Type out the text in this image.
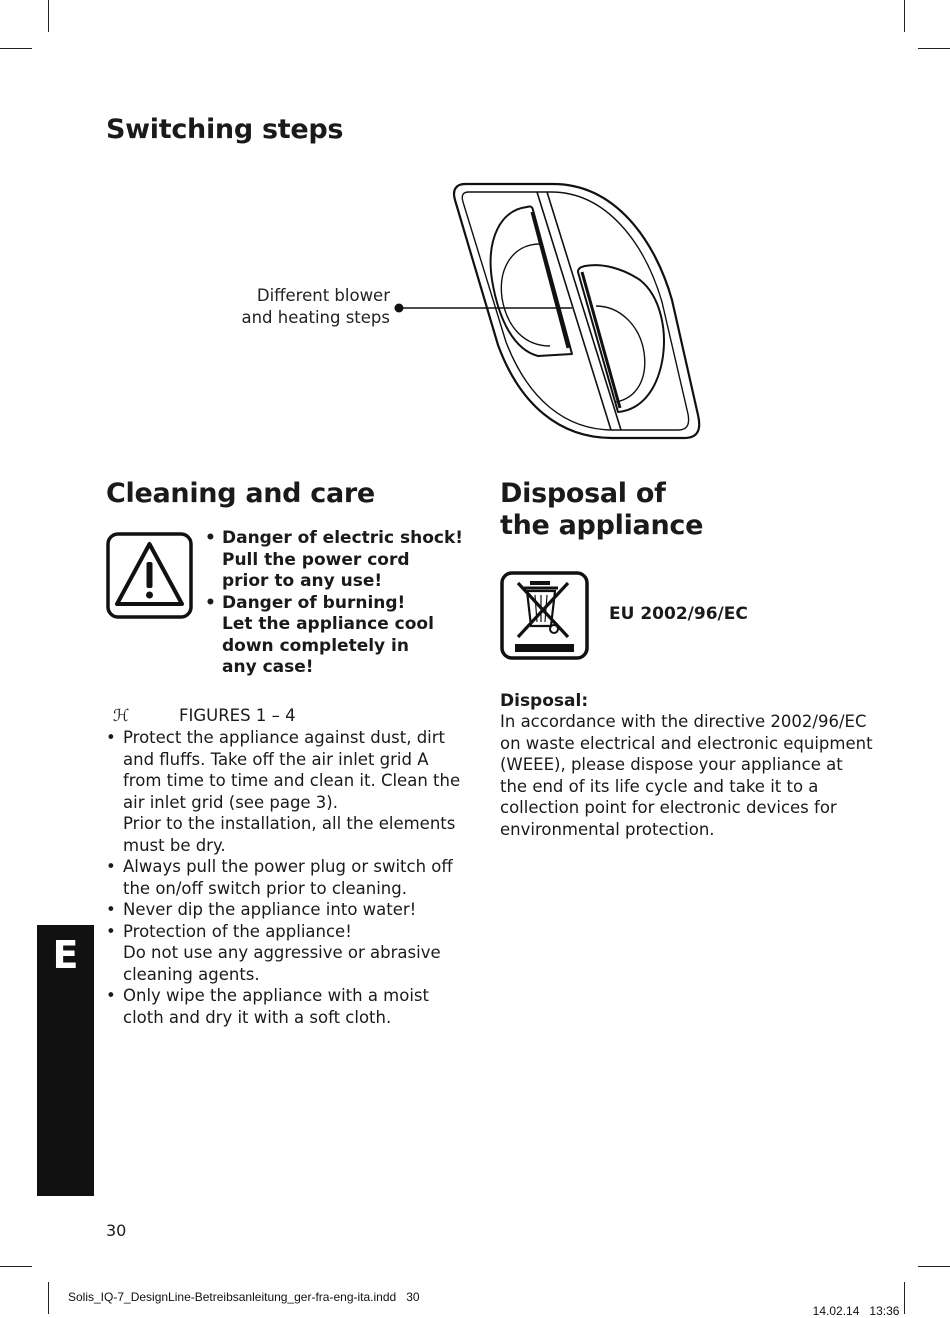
Switching steps
Different blower
and heating steps
Cleaning and care
• Danger of electric shock!
Pull the power cord
prior to any use!
• Danger of burning!
Let the appliance cool
down completely in
any case!
ℋ	FIGURES 1 – 4
• Protect the appliance against dust, dirt
and fluffs. Take off the air inlet grid A
from time to time and clean it. Clean the
air inlet grid (see page 3).
Prior to the installation, all the elements
must be dry.
• Always pull the power plug or switch off
the on/off switch prior to cleaning.
• Never dip the appliance into water!
• Protection of the appliance!
Do not use any aggressive or abrasive
cleaning agents.
• Only wipe the appliance with a moist
cloth and dry it with a soft cloth.
Disposal of
the appliance
EU 2002/96/EC
Disposal:
In accordance with the directive 2002/96/EC
on waste electrical and electronic equipment
(WEEE), please dispose your appliance at
the end of its life cycle and take it to a
collection point for electronic devices for
environmental protection.
E
30
Solis_IQ-7_DesignLine-Betreibsanleitung_ger-fra-eng-ita.indd   30

14.02.14 13:36
